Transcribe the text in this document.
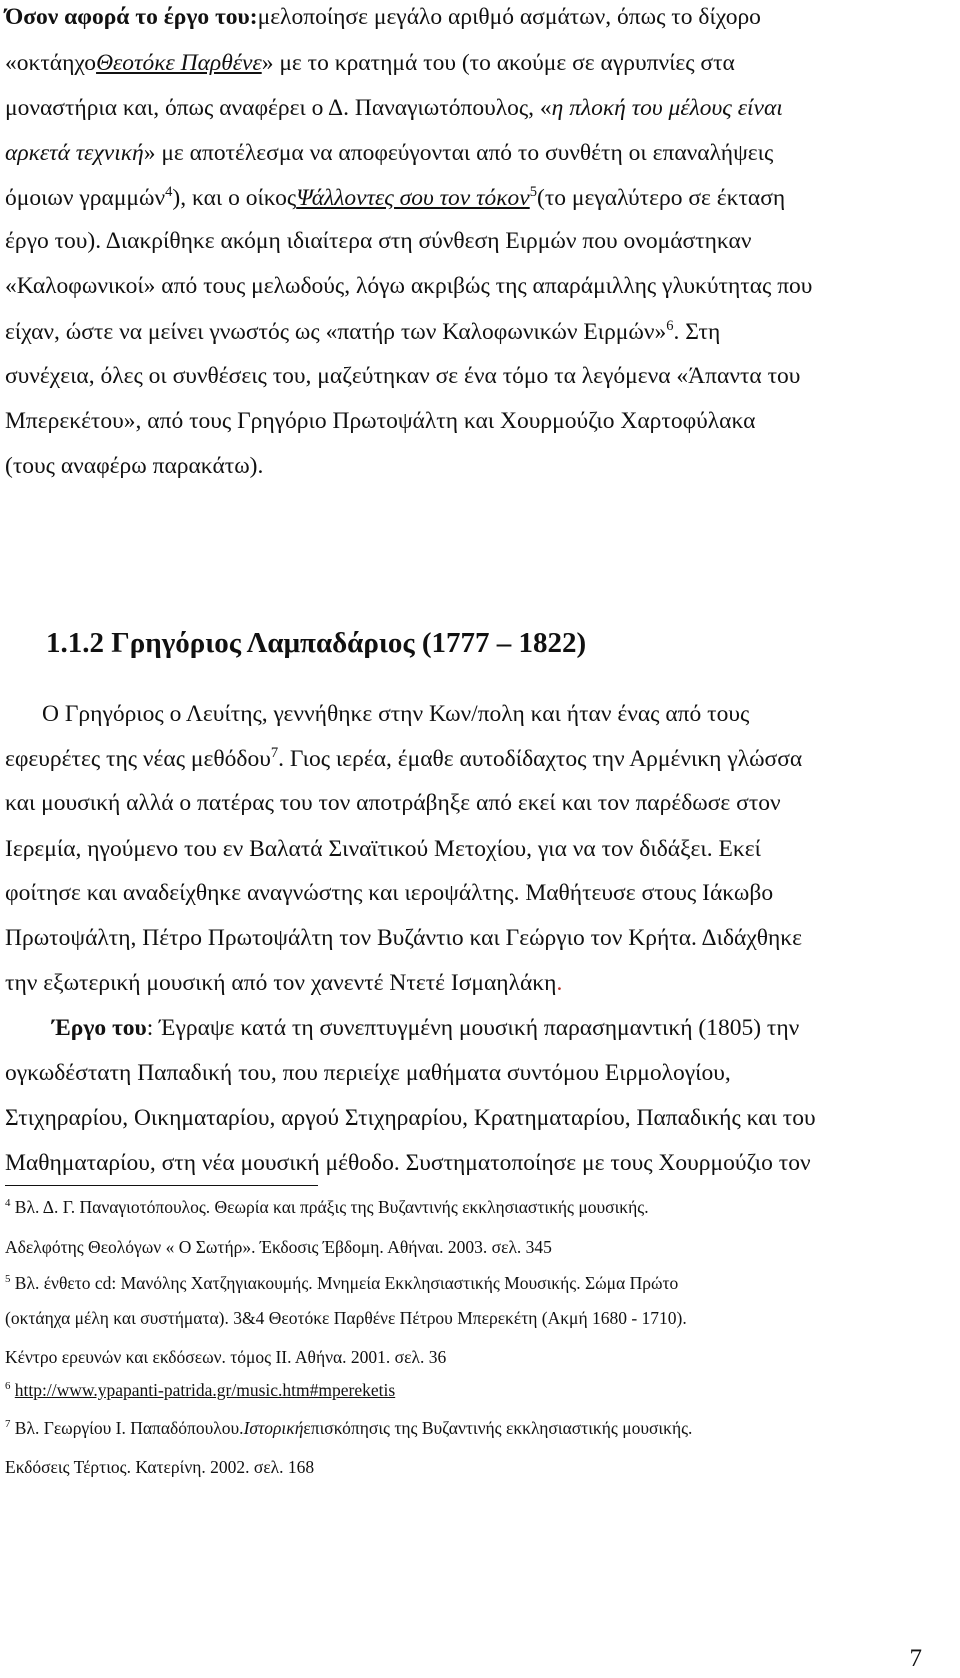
Όσον αφορά το έργο του:μελοποίησε μεγάλο αριθμό ασμάτων, όπως το δίχορο
«οκτάηχοΘεοτόκε Παρθένε» με το κρατημά του (το ακούμε σε αγρυπνίες στα
μοναστήρια και, όπως αναφέρει ο Δ. Παναγιωτόπουλος, «η πλοκή του μέλους είναι
αρκετά τεχνική» με αποτέλεσμα να αποφεύγονται από το συνθέτη οι επαναλήψεις
όμοιων γραμμών$^4$), και ο οίκοςΨάλλοντες σου τον τόκον$^5$(το μεγαλύτερο σε έκταση
έργο του). Διακρίθηκε ακόμη ιδιαίτερα στη σύνθεση Ειρμών που ονομάστηκαν
«Καλοφωνικοί» από τους μελωδούς, λόγω ακριβώς της απαράμιλλης γλυκύτητας που
είχαν, ώστε να μείνει γνωστός ως «πατήρ των Καλοφωνικών Ειρμών»$^6$. Στη
συνέχεια, όλες οι συνθέσεις του, μαζεύτηκαν σε ένα τόμο τα λεγόμενα «Άπαντα του
Μπερεκέτου», από τους Γρηγόριο Πρωτοψάλτη και Χουρμούζιο Χαρτοφύλακα
(τους αναφέρω παρακάτω).
1.1.2 Γρηγόριος Λαμπαδάριος (1777 – 1822)
Ο Γρηγόριος ο Λευίτης, γεννήθηκε στην Κων/πολη και ήταν ένας από τους
εφευρέτες της νέας μεθόδου$^7$. Γιος ιερέα, έμαθε αυτοδίδαχτος την Αρμένικη γλώσσα
και μουσική αλλά ο πατέρας του τον αποτράβηξε από εκεί και τον παρέδωσε στον
Ιερεμία, ηγούμενο του εν Βαλατά Σιναϊτικού Μετοχίου, για να τον διδάξει. Εκεί
φοίτησε και αναδείχθηκε αναγνώστης και ιεροψάλτης. Μαθήτευσε στους Ιάκωβο
Πρωτοψάλτη, Πέτρο Πρωτοψάλτη τον Βυζάντιο και Γεώργιο τον Κρήτα. Διδάχθηκε
την εξωτερική μουσική από τον χανεντέ Ντετέ Ισμαηλάκη.
Έργο του: Έγραψε κατά τη συνεπτυγμένη μουσική παρασημαντική (1805) την
ογκωδέστατη Παπαδική του, που περιείχε μαθήματα συντόμου Ειρμολογίου,
Στιχηραρίου, Οικηματαρίου, αργού Στιχηραρίου, Κρατηματαρίου, Παπαδικής και του
Μαθηματαρίου, στη νέα μουσική μέθοδο. Συστηματοποίησε με τους Χουρμούζιο τον
$^4$ Βλ. Δ. Γ. Παναγιοτόπουλος. Θεωρία και πράξις της Βυζαντινής εκκλησιαστικής μουσικής.
Αδελφότης Θεολόγων « Ο Σωτήρ». Έκδοσις Έβδομη. Αθήναι. 2003. σελ. 345
$^5$ Βλ. ένθετο cd: Μανόλης Χατζηγιακουμής. Μνημεία Εκκλησιαστικής Μουσικής. Σώμα Πρώτο
(οκτάηχα μέλη και συστήματα). 3&4 Θεοτόκε Παρθένε Πέτρου Μπερεκέτη (Ακμή 1680 - 1710).
Κέντρο ερευνών και εκδόσεων. τόμος ΙΙ. Αθήνα. 2001. σελ. 36
$^6$ http://www.ypapanti-patrida.gr/music.htm#mpereketis
$^7$ Βλ. Γεωργίου Ι. Παπαδόπουλου.Ιστορικήεπισκόπησις της Βυζαντινής εκκλησιαστικής μουσικής.
Εκδόσεις Τέρτιος. Κατερίνη. 2002. σελ. 168
7
